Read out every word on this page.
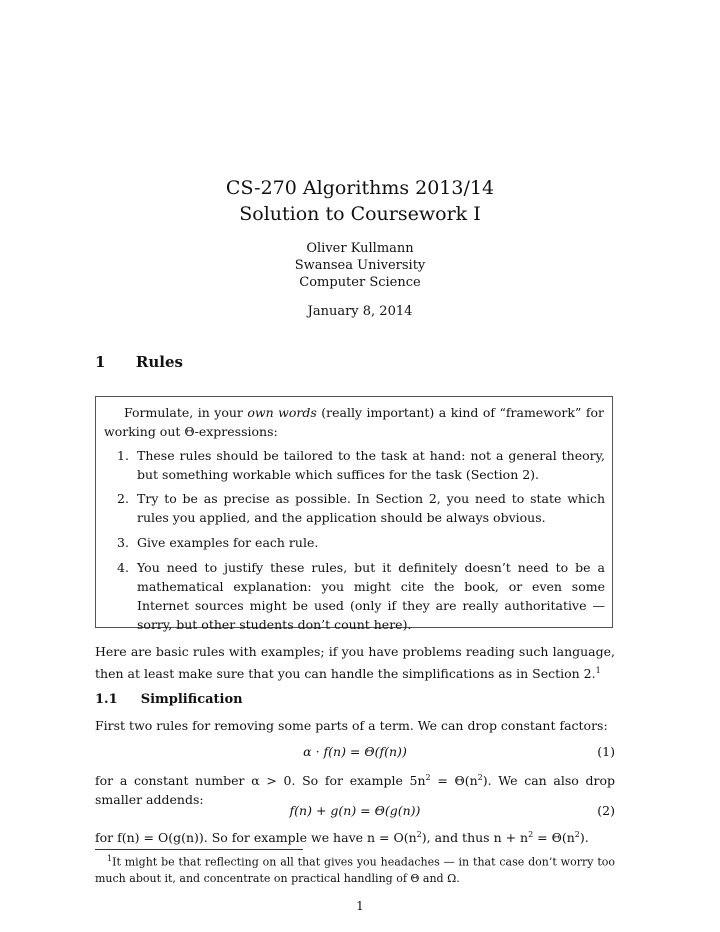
CS-270 Algorithms 2013/14
Solution to Coursework I
Oliver Kullmann
Swansea University
Computer Science
January 8, 2014
1 Rules
Formulate, in your own words (really important) a kind of “framework” for working out Θ-expressions:
1. These rules should be tailored to the task at hand: not a general theory, but something workable which suffices for the task (Section 2).
2. Try to be as precise as possible. In Section 2, you need to state which rules you applied, and the application should be always obvious.
3. Give examples for each rule.
4. You need to justify these rules, but it definitely doesn’t need to be a mathematical explanation: you might cite the book, or even some Internet sources might be used (only if they are really authoritative — sorry, but other students don’t count here).
Here are basic rules with examples; if you have problems reading such language, then at least make sure that you can handle the simplifications as in Section 2.$^1$
1.1 Simplification
First two rules for removing some parts of a term. We can drop constant factors:
α · f(n) = Θ(f(n))	(1)
for a constant number α > 0. So for example $5n^2 = \Theta(n^2)$. We can also drop smaller addends:
f(n) + g(n) = Θ(g(n))	(2)
for f(n) = O(g(n)). So for example we have $n = O(n^2)$, and thus $n + n^2 = \Theta(n^2)$.
$^1$It might be that reflecting on all that gives you headaches — in that case don’t worry too much about it, and concentrate on practical handling of Θ and Ω.
1
